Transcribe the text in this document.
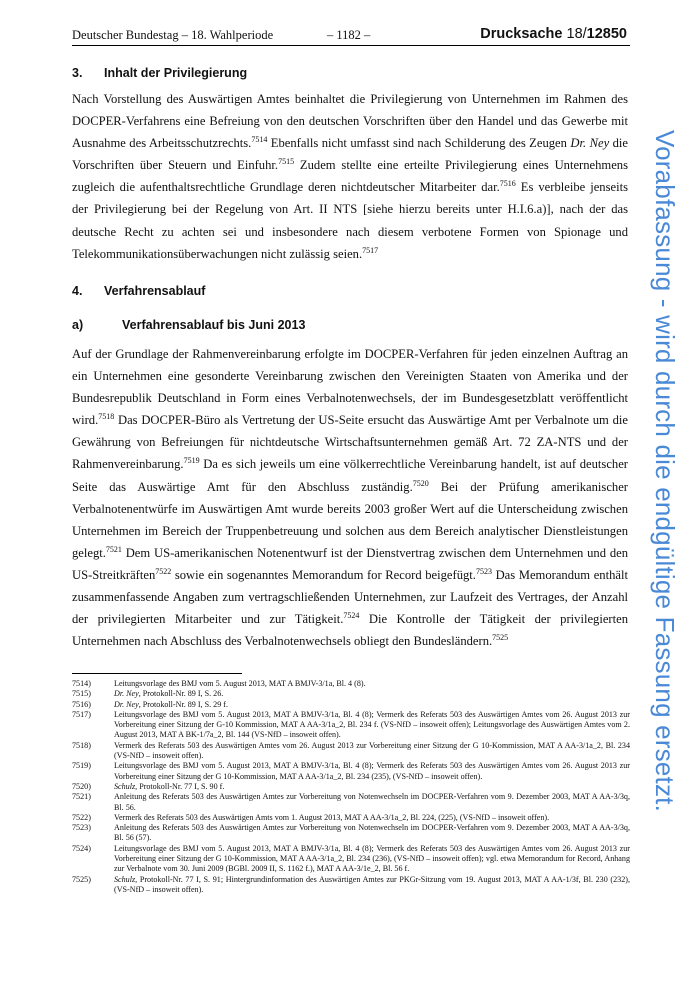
Deutscher Bundestag – 18. Wahlperiode	– 1182 –	Drucksache 18/12850
3. Inhalt der Privilegierung

Nach Vorstellung des Auswärtigen Amtes beinhaltet die Privilegierung von Unternehmen im Rahmen des DOCPER-Verfahrens eine Befreiung von den deutschen Vorschriften über den Handel und das Gewerbe mit Ausnahme des Arbeitsschutzrechts.$^{7514}$ Ebenfalls nicht umfasst sind nach Schilderung des Zeugen Dr. Ney die Vorschriften über Steuern und Einfuhr.$^{7515}$ Zudem stellte eine erteilte Privilegierung eines Unternehmens zugleich die aufenthaltsrechtliche Grundlage deren nichtdeutscher Mitarbeiter dar.$^{7516}$ Es verbleibe jenseits der Privilegierung bei der Regelung von Art. II NTS [siehe hierzu bereits unter H.I.6.a)], nach der das deutsche Recht zu achten sei und insbesondere nach diesem verbotene Formen von Spionage und Telekommunikationsüberwachungen nicht zulässig seien.$^{7517}$

4. Verfahrensablauf
a)	Verfahrensablauf bis Juni 2013

Auf der Grundlage der Rahmenvereinbarung erfolgte im DOCPER-Verfahren für jeden einzelnen Auftrag an ein Unternehmen eine gesonderte Vereinbarung zwischen den Vereinigten Staaten von Amerika und der Bundesrepublik Deutschland in Form eines Verbalnotenwechsels, der im Bundesgesetzblatt veröffentlicht wird.$^{7518}$ Das DOCPER-Büro als Vertretung der US-Seite ersucht das Auswärtige Amt per Verbalnote um die Gewährung von Befreiungen für nichtdeutsche Wirtschaftsunternehmen gemäß Art. 72 ZA-NTS und der Rahmenvereinbarung.$^{7519}$ Da es sich jeweils um eine völkerrechtliche Vereinbarung handelt, ist auf deutscher Seite das Auswärtige Amt für den Abschluss zuständig.$^{7520}$ Bei der Prüfung amerikanischer Verbalnotenentwürfe im Auswärtigen Amt wurde bereits 2003 großer Wert auf die Unterscheidung zwischen Unternehmen im Bereich der Truppenbetreuung und solchen aus dem Bereich analytischer Dienstleistungen gelegt.$^{7521}$ Dem US-amerikanischen Notenentwurf ist der Dienstvertrag zwischen dem Unternehmen und den US-Streitkräften$^{7522}$ sowie ein sogenanntes Memorandum for Record beigefügt.$^{7523}$ Das Memorandum enthält zusammenfassende Angaben zum vertragschließenden Unternehmen, zur Laufzeit des Vertrages, der Anzahl der privilegierten Mitarbeiter und zur Tätigkeit.$^{7524}$ Die Kontrolle der Tätigkeit der privilegierten Unternehmen nach Abschluss des Verbalnotenwechsels obliegt den Bundesländern.$^{7525}$

7514)	Leitungsvorlage des BMJ vom 5. August 2013, MAT A BMJV-3/1a, Bl. 4 (8).
7515)	Dr. Ney, Protokoll-Nr. 89 I, S. 26.
7516)	Dr. Ney, Protokoll-Nr. 89 I, S. 29 f.
7517)	Leitungsvorlage des BMJ vom 5. August 2013, MAT A BMJV-3/1a, Bl. 4 (8); Vermerk des Referats 503 des Auswärtigen Amtes vom 26. August 2013 zur Vorbereitung einer Sitzung der G-10 Kommission, MAT A AA-3/1a_2, Bl. 234 f. (VS-NfD – insoweit offen); Leitungsvorlage des Auswärtigen Amtes vom 2. August 2013, MAT A BK-1/7a_2, Bl. 144 (VS-NfD – insoweit offen).
7518)	Vermerk des Referats 503 des Auswärtigen Amtes vom 26. August 2013 zur Vorbereitung einer Sitzung der G 10-Kommission, MAT A AA-3/1a_2, Bl. 234 (VS-NfD – insoweit offen).
7519)	Leitungsvorlage des BMJ vom 5. August 2013, MAT A BMJV-3/1a, Bl. 4 (8); Vermerk des Referats 503 des Auswärtigen Amtes vom 26. August 2013 zur Vorbereitung einer Sitzung der G 10-Kommission, MAT A AA-3/1a_2, Bl. 234 (235), (VS-NfD – insoweit offen).
7520)	Schulz, Protokoll-Nr. 77 I, S. 90 f.
7521)	Anleitung des Referats 503 des Auswärtigen Amtes zur Vorbereitung von Notenwechseln im DOCPER-Verfahren vom 9. Dezember 2003, MAT A AA-3/3q, Bl. 56.
7522)	Vermerk des Referats 503 des Auswärtigen Amts vom 1. August 2013, MAT A AA-3/1a_2, Bl. 224, (225), (VS-NfD – insoweit offen).
7523)	Anleitung des Referats 503 des Auswärtigen Amtes zur Vorbereitung von Notenwechseln im DOCPER-Verfahren vom 9. Dezember 2003, MAT A AA-3/3q, Bl. 56 (57).
7524)	Leitungsvorlage des BMJ vom 5. August 2013, MAT A BMJV-3/1a, Bl. 4 (8); Vermerk des Referats 503 des Auswärtigen Amtes vom 26. August 2013 zur Vorbereitung einer Sitzung der G 10-Kommission, MAT A AA-3/1a_2, Bl. 234 (236), (VS-NfD – insoweit offen); vgl. etwa Memorandum for Record, Anhang zur Verbalnote vom 30. Juni 2009 (BGBl. 2009 II, S. 1162 f.), MAT A AA-3/1e_2, Bl. 56 f.
7525)	Schulz, Protokoll-Nr. 77 I, S. 91; Hintergrundinformation des Auswärtigen Amtes zur PKGr-Sitzung vom 19. August 2013, MAT A AA-1/3f, Bl. 230 (232), (VS-NfD – insoweit offen).
Vorabfassung - wird durch die endgültige Fassung ersetzt.
